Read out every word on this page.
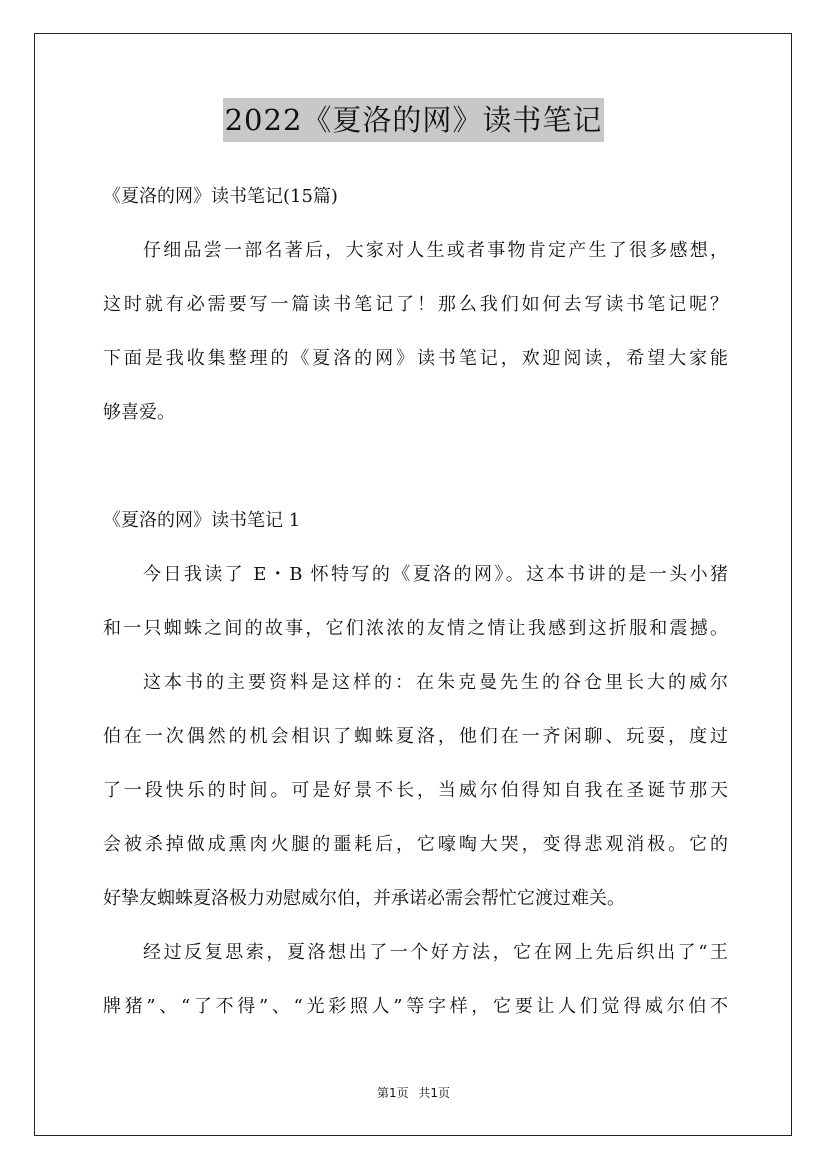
2022《夏洛的网》读书笔记
《夏洛的网》读书笔记(15篇)
仔细品尝一部名著后，大家对人生或者事物肯定产生了很多感想，
这时就有必需要写一篇读书笔记了！那么我们如何去写读书笔记呢？
下面是我收集整理的《夏洛的网》读书笔记，欢迎阅读，希望大家能
够喜爱。
《夏洛的网》读书笔记 1
今日我读了 E・B 怀特写的《夏洛的网》。这本书讲的是一头小猪
和一只蜘蛛之间的故事，它们浓浓的友情之情让我感到这折服和震撼。
这本书的主要资料是这样的：在朱克曼先生的谷仓里长大的威尔
伯在一次偶然的机会相识了蜘蛛夏洛，他们在一齐闲聊、玩耍，度过
了一段快乐的时间。可是好景不长，当威尔伯得知自我在圣诞节那天
会被杀掉做成熏肉火腿的噩耗后，它嚎啕大哭，变得悲观消极。它的
好挚友蜘蛛夏洛极力劝慰威尔伯，并承诺必需会帮忙它渡过难关。
经过反复思索，夏洛想出了一个好方法，它在网上先后织出了“王
牌猪”、“了不得”、“光彩照人”等字样，它要让人们觉得威尔伯不
第1页 共1页
